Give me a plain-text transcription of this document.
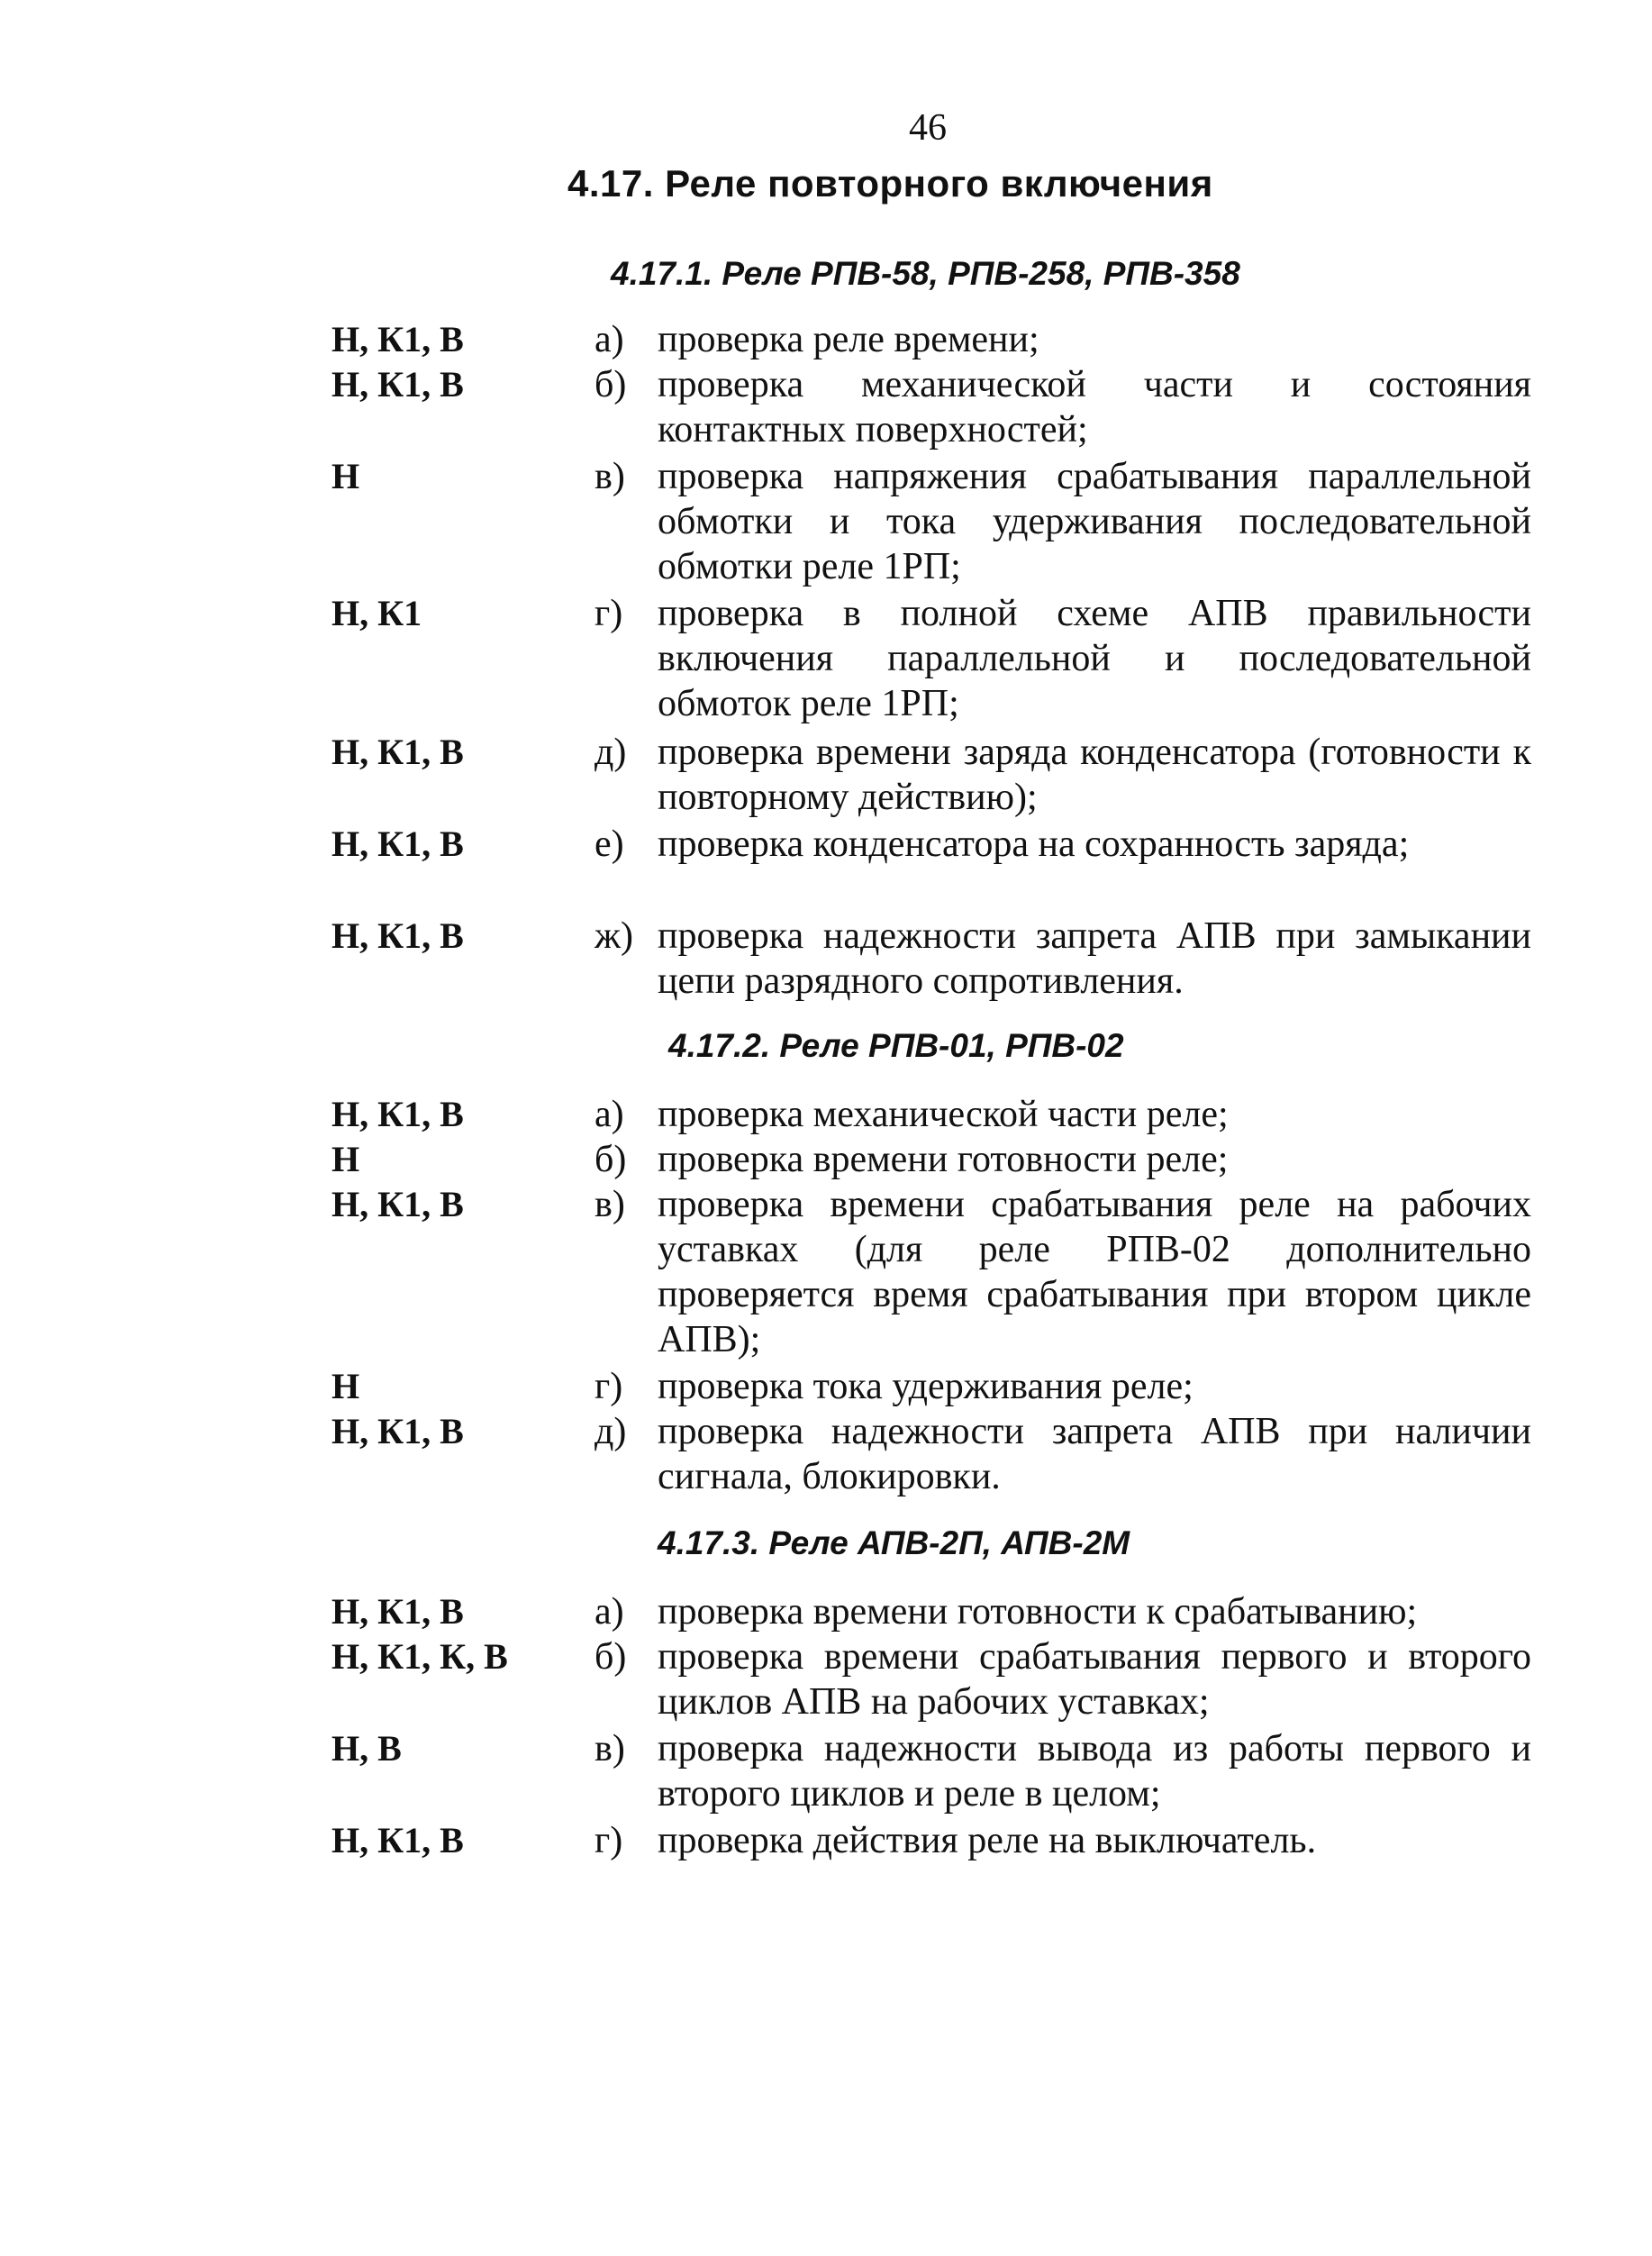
46
4.17. Реле повторного включения
4.17.1. Реле РПВ-58, РПВ-258, РПВ-358
Н, К1, В	а) проверка реле времени;
Н, К1, В	б) проверка механической части и состояния контактных поверхностей;
Н	в) проверка напряжения срабатывания параллельной обмотки и тока удерживания последовательной обмотки реле 1РП;
Н, К1	г) проверка в полной схеме АПВ правильности включения параллельной и последовательной обмоток реле 1РП;
Н, К1, В	д) проверка времени заряда конденсатора (готовности к повторному действию);
Н, К1, В	е) проверка конденсатора на сохранность заряда;
Н, К1, В	ж) проверка надежности запрета АПВ при замыкании цепи разрядного сопротивления.
4.17.2. Реле РПВ-01, РПВ-02
Н, К1, В	а) проверка механической части реле;
Н	б) проверка времени готовности реле;
Н, К1, В	в) проверка времени срабатывания реле на рабочих уставках (для реле РПВ-02 дополнительно проверяется время срабатывания при втором цикле АПВ);
Н	г) проверка тока удерживания реле;
Н, К1, В	д) проверка надежности запрета АПВ при наличии сигнала, блокировки.
4.17.3. Реле АПВ-2П, АПВ-2М
Н, К1, В	а) проверка времени готовности к срабатыванию;
Н, К1, К, В б) проверка времени срабатывания первого и второго циклов АПВ на рабочих уставках;
Н, В	в) проверка надежности вывода из работы первого и второго циклов и реле в целом;
Н, К1, В	г) проверка действия реле на выключатель.
